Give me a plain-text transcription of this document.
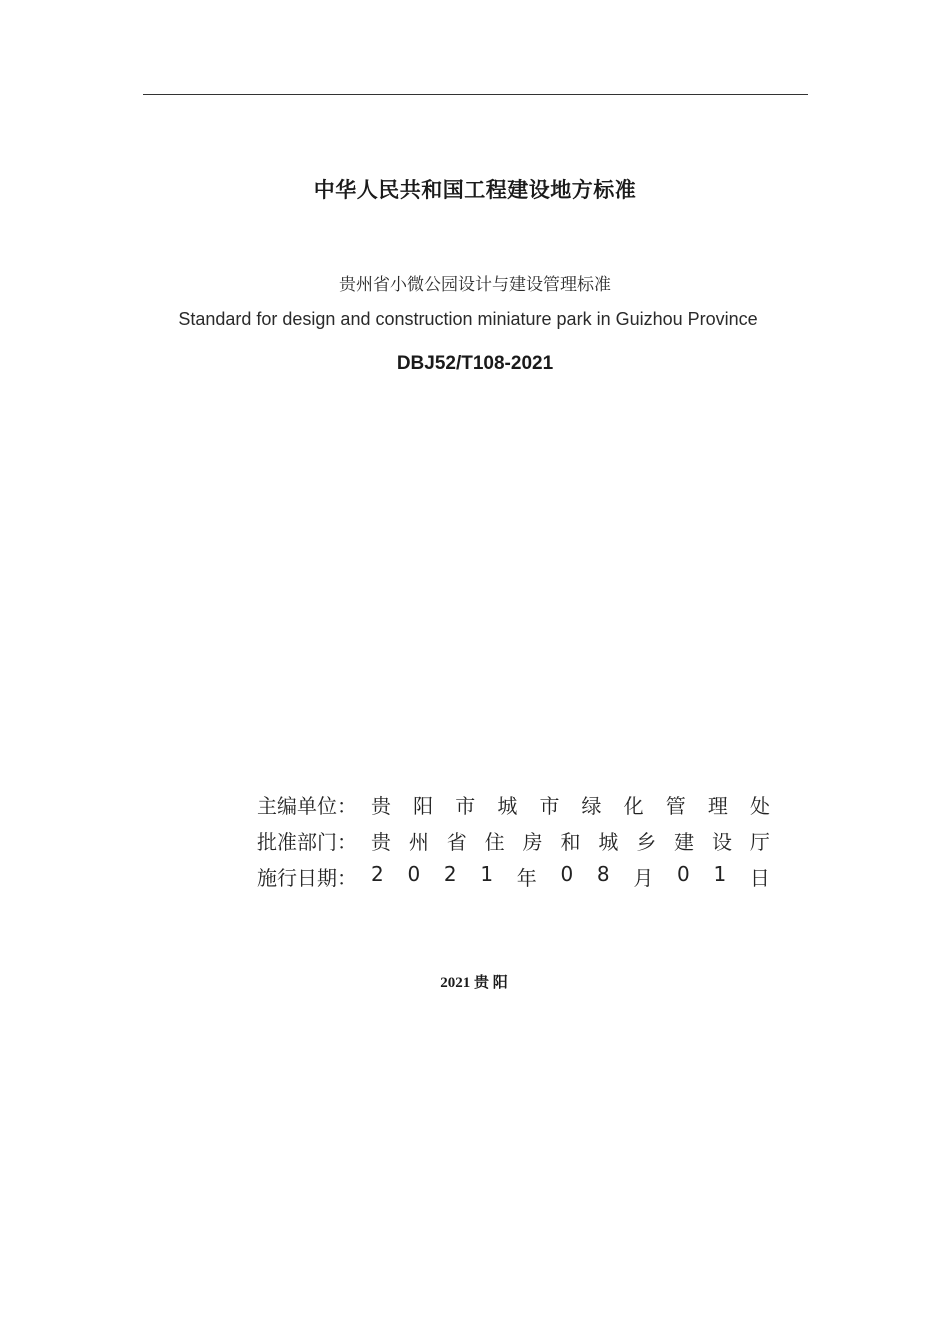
中华人民共和国工程建设地方标准
贵州省小微公园设计与建设管理标准
Standard for design and construction miniature park in Guizhou Province
DBJ52/T108-2021
主编单位： 贵 阳 市 城 市 绿 化 管 理 处
批准部门： 贵 州 省 住 房 和 城 乡 建 设 厅
施行日期： 2 0 2 1 年 0 8 月 0 1 日
2021 贵 阳
